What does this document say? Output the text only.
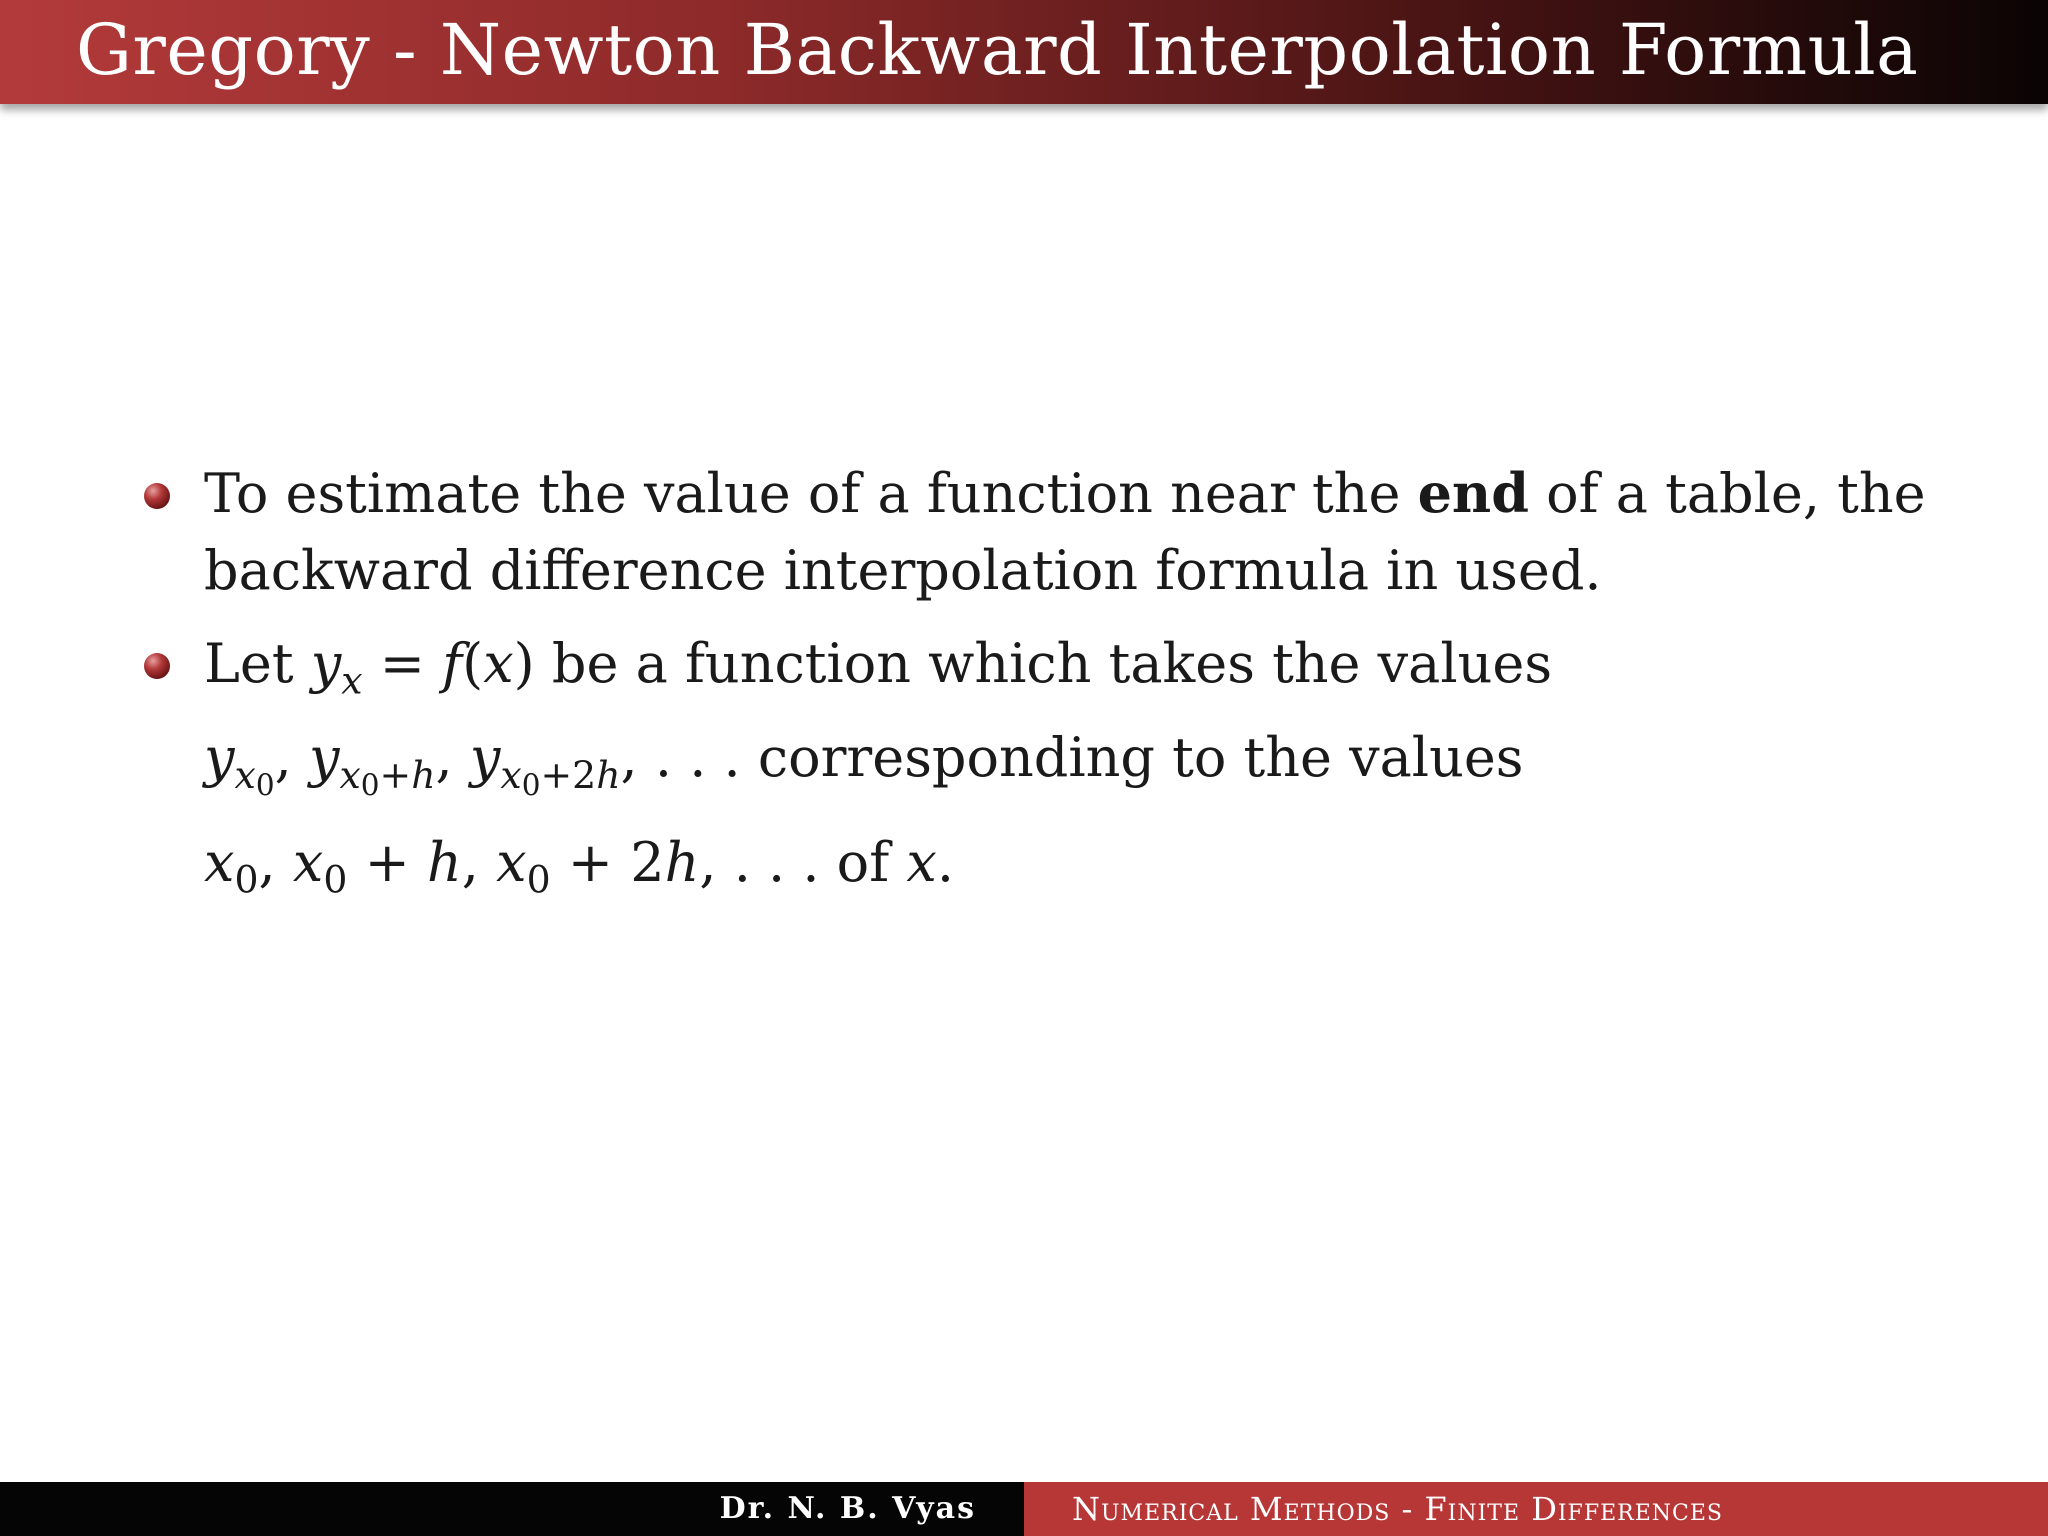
Gregory - Newton Backward Interpolation Formula
To estimate the value of a function near the end of a table, the
backward difference interpolation formula in used.
Let $y_x = f(x)$ be a function which takes the values
$y_{x0}$, $y_{x0+h}$, $y_{x0+2h}$, . . . corresponding to the values
$x_0$, $x_0 + h$, $x_0 + 2h$, . . . of x.
Dr. N. B. Vyas	Numerical Methods - Finite Differences
